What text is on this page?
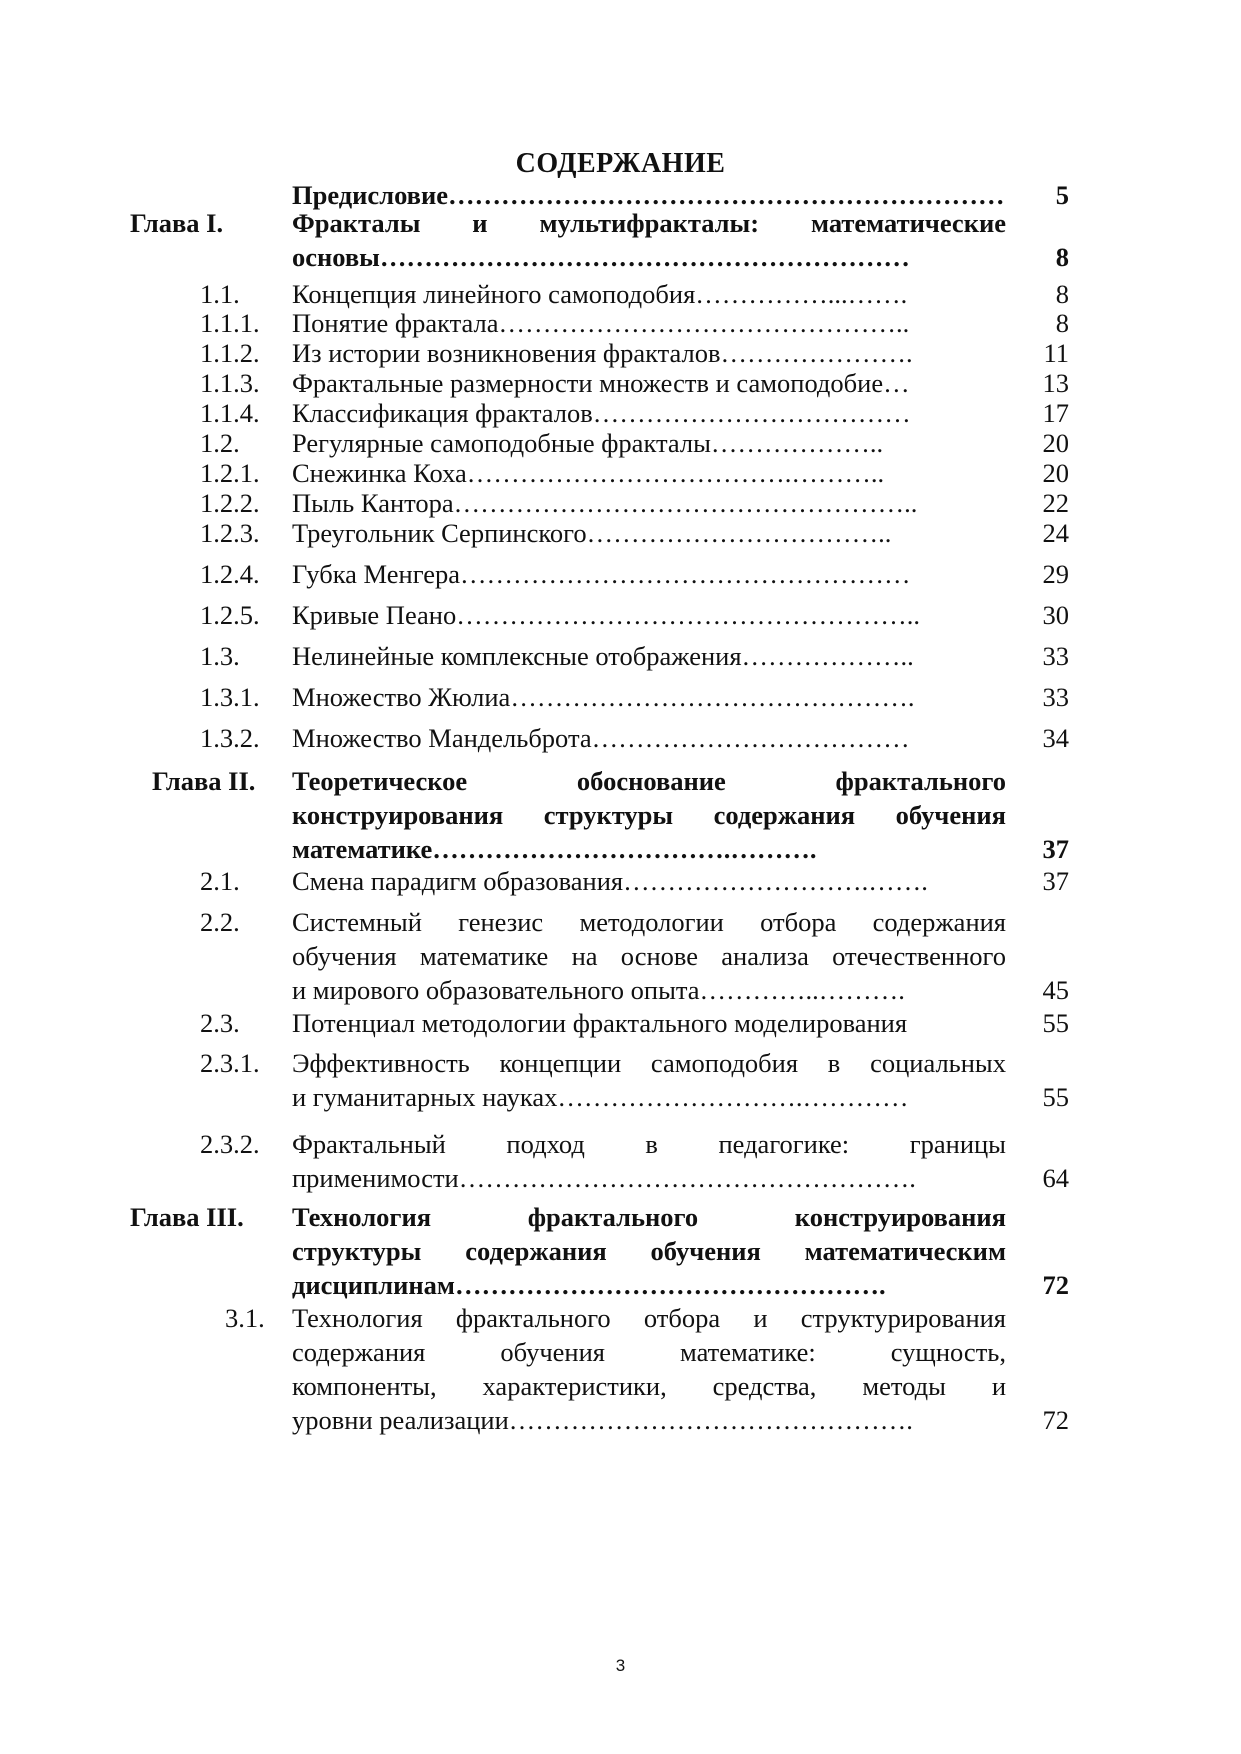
СОДЕРЖАНИЕ
Предисловие……………………………………………………… 5
Глава I.	Фракталы и мультифракталы: математические
основы……………………………………………………	8
1.1. Концепция линейного самоподобия……………...…….	8
1.1.1. Понятие фрактала………………………………………..	8
1.1.2. Из истории возникновения фракталов………………….	11
1.1.3. Фрактальные размерности множеств и самоподобие…	13
1.1.4. Классификация фракталов………………………………	17
1.2. Регулярные самоподобные фракталы………………..	20
1.2.1. Снежинка Коха……………………………….………..	20
1.2.2. Пыль Кантора……………………………………………..	22
1.2.3. Треугольник Серпинского……………………………..	24
1.2.4. Губка Менгера……………………………………………	29
1.2.5. Кривые Пеано……………………………………………..	30
1.3. Нелинейные комплексные отображения………………..	33
1.3.1. Множество Жюлиа……………………………………….	33
1.3.2. Множество Мандельброта………………………………	34
Глава II. Теоретическое обоснование фрактального
конструирования структуры содержания обучения
математике…………………………….……….	37
2.1. Смена парадигм образования……………………….…….	37
2.2. Системный генезис методологии отбора содержания
обучения математике на основе анализа отечественного
и мирового образовательного опыта…………..……….	45
2.3. Потенциал методологии фрактального моделирования	55
2.3.1. Эффективность концепции самоподобия в социальных
и гуманитарных науках……………………….…………	55
2.3.2. Фрактальный подход в педагогике: границы
применимости…………………………………………….	64
Глава III. Технология фрактального конструирования
структуры содержания обучения математическим
дисциплинам………………………………………….	72
3.1. Технология фрактального отбора и структурирования
содержания обучения математике: сущность,
компоненты, характеристики, средства, методы и
уровни реализации……………………………………….	72
3
